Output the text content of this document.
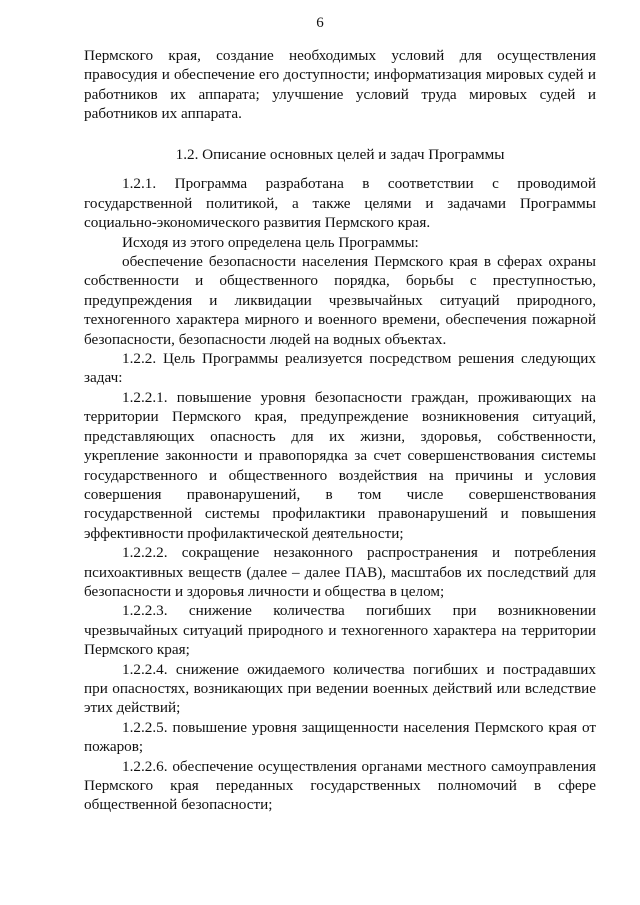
6

Пермского края, создание необходимых условий для осуществления правосудия и обеспечение его доступности; информатизация мировых судей и работников их аппарата; улучшение условий труда мировых судей и работников их аппарата.

1.2. Описание основных целей и задач Программы

1.2.1. Программа разработана в соответствии с проводимой государственной политикой, а также целями и задачами Программы социально-экономического развития Пермского края.

Исходя из этого определена цель Программы:

обеспечение безопасности населения Пермского края в сферах охраны собственности и общественного порядка, борьбы с преступностью, предупреждения и ликвидации чрезвычайных ситуаций природного, техногенного характера мирного и военного времени, обеспечения пожарной безопасности, безопасности людей на водных объектах.

1.2.2. Цель Программы реализуется посредством решения следующих задач:

1.2.2.1. повышение уровня безопасности граждан, проживающих на территории Пермского края, предупреждение возникновения ситуаций, представляющих опасность для их жизни, здоровья, собственности, укрепление законности и правопорядка за счет совершенствования системы государственного и общественного воздействия на причины и условия совершения правонарушений, в том числе совершенствования государственной системы профилактики правонарушений и повышения эффективности профилактической деятельности;

1.2.2.2. сокращение незаконного распространения и потребления психоактивных веществ (далее – далее ПАВ), масштабов их последствий для безопасности и здоровья личности и общества в целом;

1.2.2.3. снижение количества погибших при возникновении чрезвычайных ситуаций природного и техногенного характера на территории Пермского края;

1.2.2.4. снижение ожидаемого количества погибших и пострадавших при опасностях, возникающих при ведении военных действий или вследствие этих действий;

1.2.2.5. повышение уровня защищенности населения Пермского края от пожаров;

1.2.2.6. обеспечение осуществления органами местного самоуправления Пермского края переданных государственных полномочий в сфере общественной безопасности;
